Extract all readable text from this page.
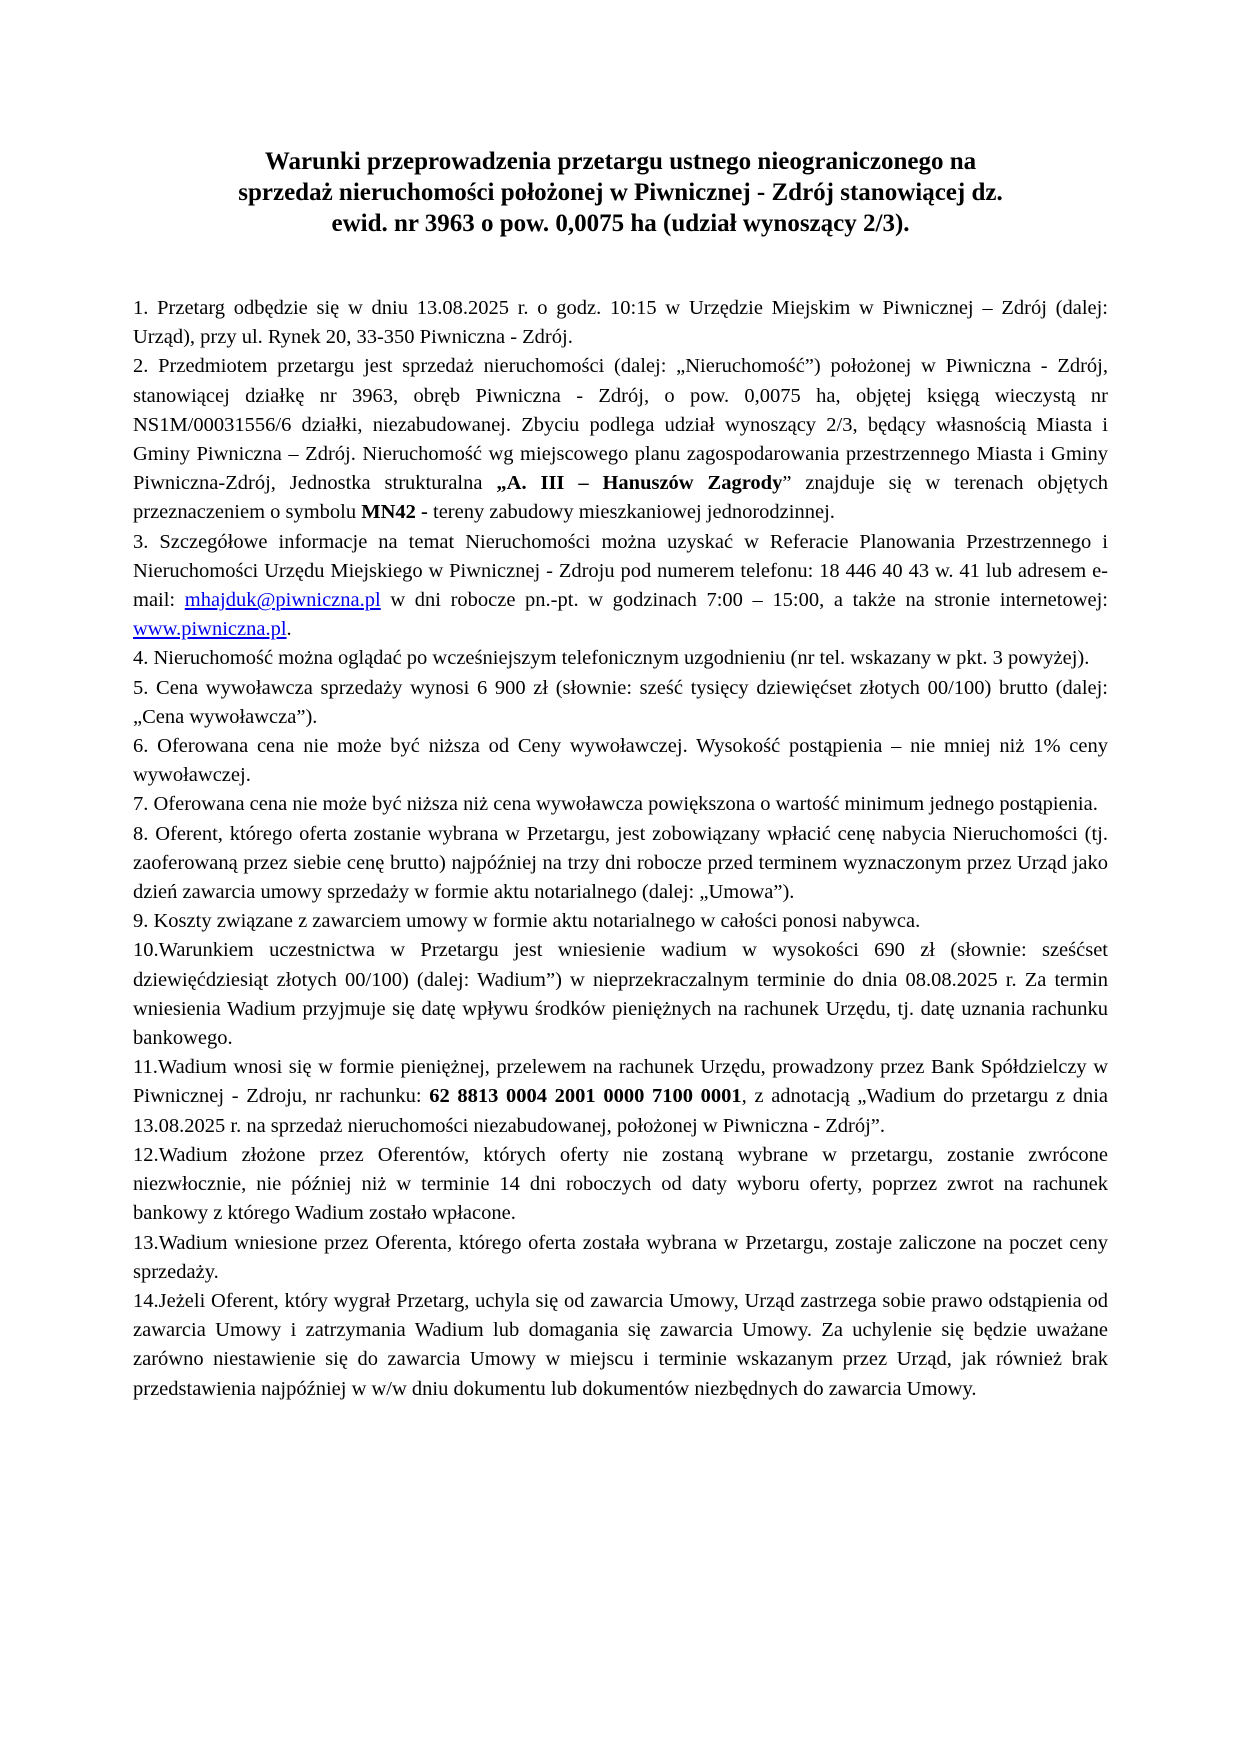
Warunki przeprowadzenia przetargu ustnego nieograniczonego na
sprzedaż nieruchomości położonej w Piwnicznej - Zdrój stanowiącej dz.
ewid. nr 3963 o pow. 0,0075 ha (udział wynoszący 2/3).

1. Przetarg odbędzie się w dniu 13.08.2025 r. o godz. 10:15 w Urzędzie Miejskim w Piwnicznej – Zdrój (dalej: Urząd), przy ul. Rynek 20, 33-350 Piwniczna - Zdrój.

2. Przedmiotem przetargu jest sprzedaż nieruchomości (dalej: „Nieruchomość”) położonej w Piwniczna - Zdrój, stanowiącej działkę nr 3963, obręb Piwniczna - Zdrój, o pow. 0,0075 ha, objętej księgą wieczystą nr NS1M/00031556/6 działki, niezabudowanej. Zbyciu podlega udział wynoszący 2/3, będący własnością Miasta i Gminy Piwniczna – Zdrój. Nieruchomość wg miejscowego planu zagospodarowania przestrzennego Miasta i Gminy Piwniczna-Zdrój, Jednostka strukturalna „A. III – Hanuszów Zagrody” znajduje się w terenach objętych przeznaczeniem o symbolu MN42 - tereny zabudowy mieszkaniowej jednorodzinnej.

3. Szczegółowe informacje na temat Nieruchomości można uzyskać w Referacie Planowania Przestrzennego i Nieruchomości Urzędu Miejskiego w Piwnicznej - Zdroju pod numerem telefonu: 18 446 40 43 w. 41 lub adresem e-mail: mhajduk@piwniczna.pl w dni robocze pn.-pt. w godzinach 7:00 – 15:00, a także na stronie internetowej: www.piwniczna.pl.

4. Nieruchomość można oglądać po wcześniejszym telefonicznym uzgodnieniu (nr tel. wskazany w pkt. 3 powyżej).

5. Cena wywoławcza sprzedaży wynosi 6 900 zł (słownie: sześć tysięcy dziewięćset złotych 00/100) brutto (dalej: „Cena wywoławcza”).

6. Oferowana cena nie może być niższa od Ceny wywoławczej. Wysokość postąpienia – nie mniej niż 1% ceny wywoławczej.

7. Oferowana cena nie może być niższa niż cena wywoławcza powiększona o wartość minimum jednego postąpienia.

8. Oferent, którego oferta zostanie wybrana w Przetargu, jest zobowiązany wpłacić cenę nabycia Nieruchomości (tj. zaoferowaną przez siebie cenę brutto) najpóźniej na trzy dni robocze przed terminem wyznaczonym przez Urząd jako dzień zawarcia umowy sprzedaży w formie aktu notarialnego (dalej: „Umowa”).

9. Koszty związane z zawarciem umowy w formie aktu notarialnego w całości ponosi nabywca.

10.Warunkiem uczestnictwa w Przetargu jest wniesienie wadium w wysokości 690 zł (słownie: sześćset dziewięćdziesiąt złotych 00/100) (dalej: Wadium”) w nieprzekraczalnym terminie do dnia 08.08.2025 r. Za termin wniesienia Wadium przyjmuje się datę wpływu środków pieniężnych na rachunek Urzędu, tj. datę uznania rachunku bankowego.

11.Wadium wnosi się w formie pieniężnej, przelewem na rachunek Urzędu, prowadzony przez Bank Spółdzielczy w Piwnicznej - Zdroju, nr rachunku: 62 8813 0004 2001 0000 7100 0001, z adnotacją „Wadium do przetargu z dnia 13.08.2025 r. na sprzedaż nieruchomości niezabudowanej, położonej w Piwniczna - Zdrój”.

12.Wadium złożone przez Oferentów, których oferty nie zostaną wybrane w przetargu, zostanie zwrócone niezwłocznie, nie później niż w terminie 14 dni roboczych od daty wyboru oferty, poprzez zwrot na rachunek bankowy z którego Wadium zostało wpłacone.

13.Wadium wniesione przez Oferenta, którego oferta została wybrana w Przetargu, zostaje zaliczone na poczet ceny sprzedaży.

14.Jeżeli Oferent, który wygrał Przetarg, uchyla się od zawarcia Umowy, Urząd zastrzega sobie prawo odstąpienia od zawarcia Umowy i zatrzymania Wadium lub domagania się zawarcia Umowy. Za uchylenie się będzie uważane zarówno niestawienie się do zawarcia Umowy w miejscu i terminie wskazanym przez Urząd, jak również brak przedstawienia najpóźniej w w/w dniu dokumentu lub dokumentów niezbędnych do zawarcia Umowy.
